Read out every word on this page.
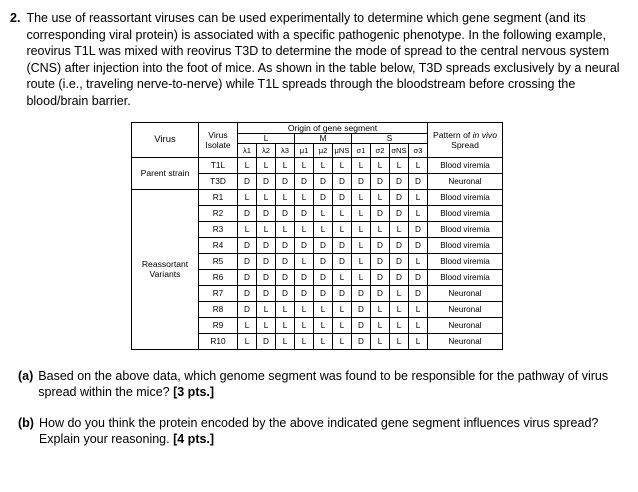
2. The use of reassortant viruses can be used experimentally to determine which gene segment (and its corresponding viral protein) is associated with a specific pathogenic phenotype. In the following example, reovirus T1L was mixed with reovirus T3D to determine the mode of spread to the central nervous system (CNS) after injection into the foot of mice. As shown in the table below, T3D spreads exclusively by a neural route (i.e., traveling nerve-to-nerve) while T1L spreads through the bloodstream before crossing the blood/brain barrier.
Virus	Virus Isolate	Origin of gene segment										Pattern of in vivo Spread
		L			M			S				
		λ1	λ2	λ3	μ1	μ2	μNS	σ1	σ2	σNS	σ3	
Parent strain	T1L	L	L	L	L	L	L	L	L	L	L	Blood viremia
	T3D	D	D	D	D	D	D	D	D	D	D	Neuronal
Reassortant Variants	R1	L	L	L	L	D	D	L	L	D	L	Blood viremia
	R2	D	D	D	D	L	L	L	D	D	L	Blood viremia
	R3	L	L	L	L	L	L	L	L	L	D	Blood viremia
	R4	D	D	D	D	D	D	L	D	D	D	Blood viremia
	R5	D	D	D	L	D	D	L	D	D	L	Blood viremia
	R6	D	D	D	D	D	L	L	D	D	D	Blood viremia
	R7	D	D	D	D	D	D	D	D	L	D	Neuronal
	R8	D	L	L	L	L	L	D	L	L	L	Neuronal
	R9	L	L	L	L	L	L	D	L	L	L	Neuronal
	R10	L	D	L	L	L	L	D	L	L	L	Neuronal
(a) Based on the above data, which genome segment was found to be responsible for the pathway of virus spread within the mice? [3 pts.]
(b) How do you think the protein encoded by the above indicated gene segment influences virus spread? Explain your reasoning. [4 pts.]
